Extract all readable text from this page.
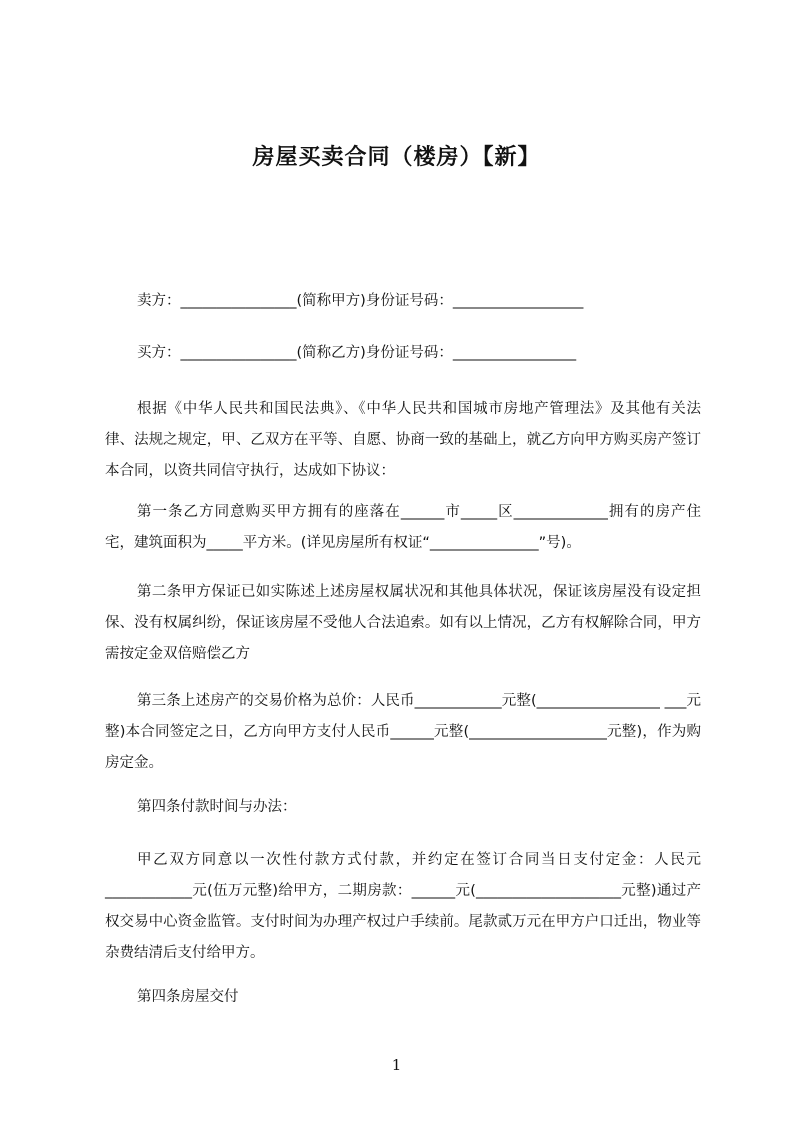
房屋买卖合同（楼房）【新】

卖方：________________(简称甲方)身份证号码：__________________

买方：________________(简称乙方)身份证号码：_________________

根据《中华人民共和国民法典》、《中华人民共和国城市房地产管理法》及其他有关法律、法规之规定，甲、乙双方在平等、自愿、协商一致的基础上，就乙方向甲方购买房产签订本合同，以资共同信守执行，达成如下协议：

第一条乙方同意购买甲方拥有的座落在______市_____区_____________拥有的房产住宅，建筑面积为_____平方米。(详见房屋所有权证“_______________”号)。

第二条甲方保证已如实陈述上述房屋权属状况和其他具体状况，保证该房屋没有设定担保、没有权属纠纷，保证该房屋不受他人合法追索。如有以上情况，乙方有权解除合同，甲方需按定金双倍赔偿乙方

第三条上述房产的交易价格为总价：人民币____________元整(_________________ ___元整)本合同签定之日，乙方向甲方支付人民币______元整(___________________元整)，作为购房定金。

第四条付款时间与办法：

甲乙双方同意以一次性付款方式付款，并约定在签订合同当日支付定金：人民元____________元(伍万元整)给甲方，二期房款：______元(____________________元整)通过产权交易中心资金监管。支付时间为办理产权过户手续前。尾款贰万元在甲方户口迁出，物业等杂费结清后支付给甲方。

第四条房屋交付

1
